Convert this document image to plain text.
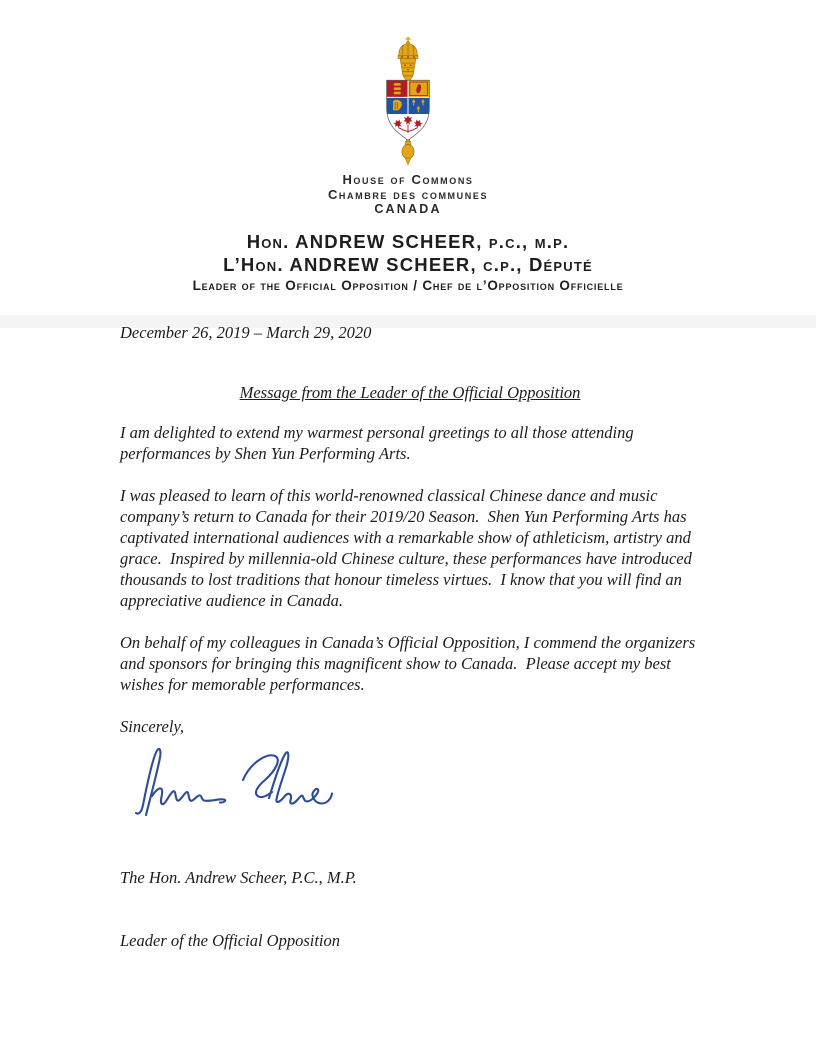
House of Commons
Chambre des communes
CANADA
Hon. ANDREW SCHEER, p.c., m.p.
L’Hon. ANDREW SCHEER, c.p., Député
Leader of the Official Opposition / Chef de l’Opposition Officielle
December 26, 2019 – March 29, 2020
Message from the Leader of the Official Opposition

I am delighted to extend my warmest personal greetings to all those attending performances by Shen Yun Performing Arts.

I was pleased to learn of this world-renowned classical Chinese dance and music company’s return to Canada for their 2019/20 Season.  Shen Yun Performing Arts has captivated international audiences with a remarkable show of athleticism, artistry and grace.  Inspired by millennia-old Chinese culture, these performances have introduced thousands to lost traditions that honour timeless virtues.  I know that you will find an appreciative audience in Canada.

On behalf of my colleagues in Canada’s Official Opposition, I commend the organizers and sponsors for bringing this magnificent show to Canada.  Please accept my best wishes for memorable performances.

Sincerely,

The Hon. Andrew Scheer, P.C., M.P.

Leader of the Official Opposition
